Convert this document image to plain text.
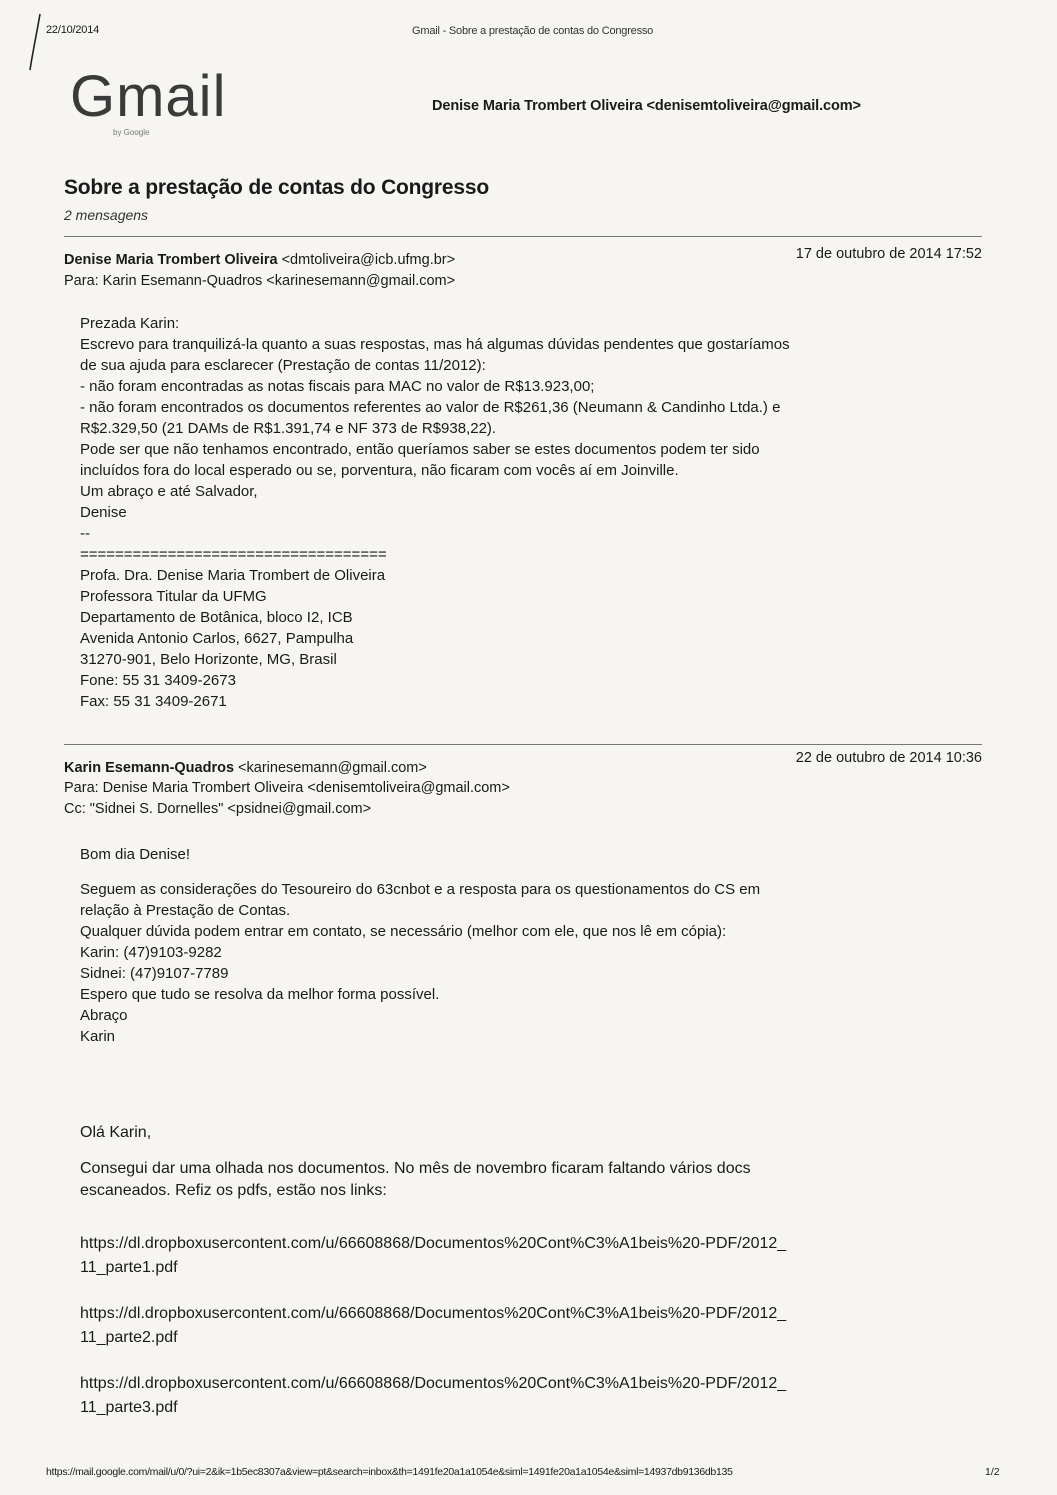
22/10/2014	Gmail - Sobre a prestação de contas do Congresso
Gmail
by Google
Denise Maria Trombert Oliveira <denisemtoliveira@gmail.com>
Sobre a prestação de contas do Congresso
2 mensagens
Denise Maria Trombert Oliveira <dmtoliveira@icb.ufmg.br>	17 de outubro de 2014 17:52
Para: Karin Esemann-Quadros <karinesemann@gmail.com>
Prezada Karin:
Escrevo para tranquilizá-la quanto a suas respostas, mas há algumas dúvidas pendentes que gostaríamos
de sua ajuda para esclarecer (Prestação de contas 11/2012):
- não foram encontradas as notas fiscais para MAC no valor de R$13.923,00;
- não foram encontrados os documentos referentes ao valor de R$261,36 (Neumann & Candinho Ltda.) e
R$2.329,50 (21 DAMs de R$1.391,74 e NF 373 de R$938,22).
Pode ser que não tenhamos encontrado, então queríamos saber se estes documentos podem ter sido
incluídos fora do local esperado ou se, porventura, não ficaram com vocês aí em Joinville.
Um abraço e até Salvador,
Denise
--
===================================
Profa. Dra. Denise Maria Trombert de Oliveira
Professora Titular da UFMG
Departamento de Botânica, bloco I2, ICB
Avenida Antonio Carlos, 6627, Pampulha
31270-901, Belo Horizonte, MG, Brasil
Fone: 55 31 3409-2673
Fax: 55 31 3409-2671
Karin Esemann-Quadros <karinesemann@gmail.com>
22 de outubro de 2014 10:36
Para: Denise Maria Trombert Oliveira <denisemtoliveira@gmail.com>
Cc: "Sidnei S. Dornelles" <psidnei@gmail.com>
Bom dia Denise!
Seguem as considerações do Tesoureiro do 63cnbot e a resposta para os questionamentos do CS em
relação à Prestação de Contas.
Qualquer dúvida podem entrar em contato, se necessário (melhor com ele, que nos lê em cópia):
Karin: (47)9103-9282
Sidnei: (47)9107-7789
Espero que tudo se resolva da melhor forma possível.
Abraço
Karin
Olá Karin,
Consegui dar uma olhada nos documentos. No mês de novembro ficaram faltando vários docs
escaneados. Refiz os pdfs, estão nos links:
https://dl.dropboxusercontent.com/u/66608868/Documentos%20Cont%C3%A1beis%20-PDF/2012_
11_parte1.pdf
https://dl.dropboxusercontent.com/u/66608868/Documentos%20Cont%C3%A1beis%20-PDF/2012_
11_parte2.pdf
https://dl.dropboxusercontent.com/u/66608868/Documentos%20Cont%C3%A1beis%20-PDF/2012_
11_parte3.pdf
https://mail.google.com/mail/u/0/?ui=2&ik=1b5ec8307a&view=pt&search=inbox&th=1491fe20a1a1054e&siml=1491fe20a1a1054e&siml=14937db9136db135	1/2
